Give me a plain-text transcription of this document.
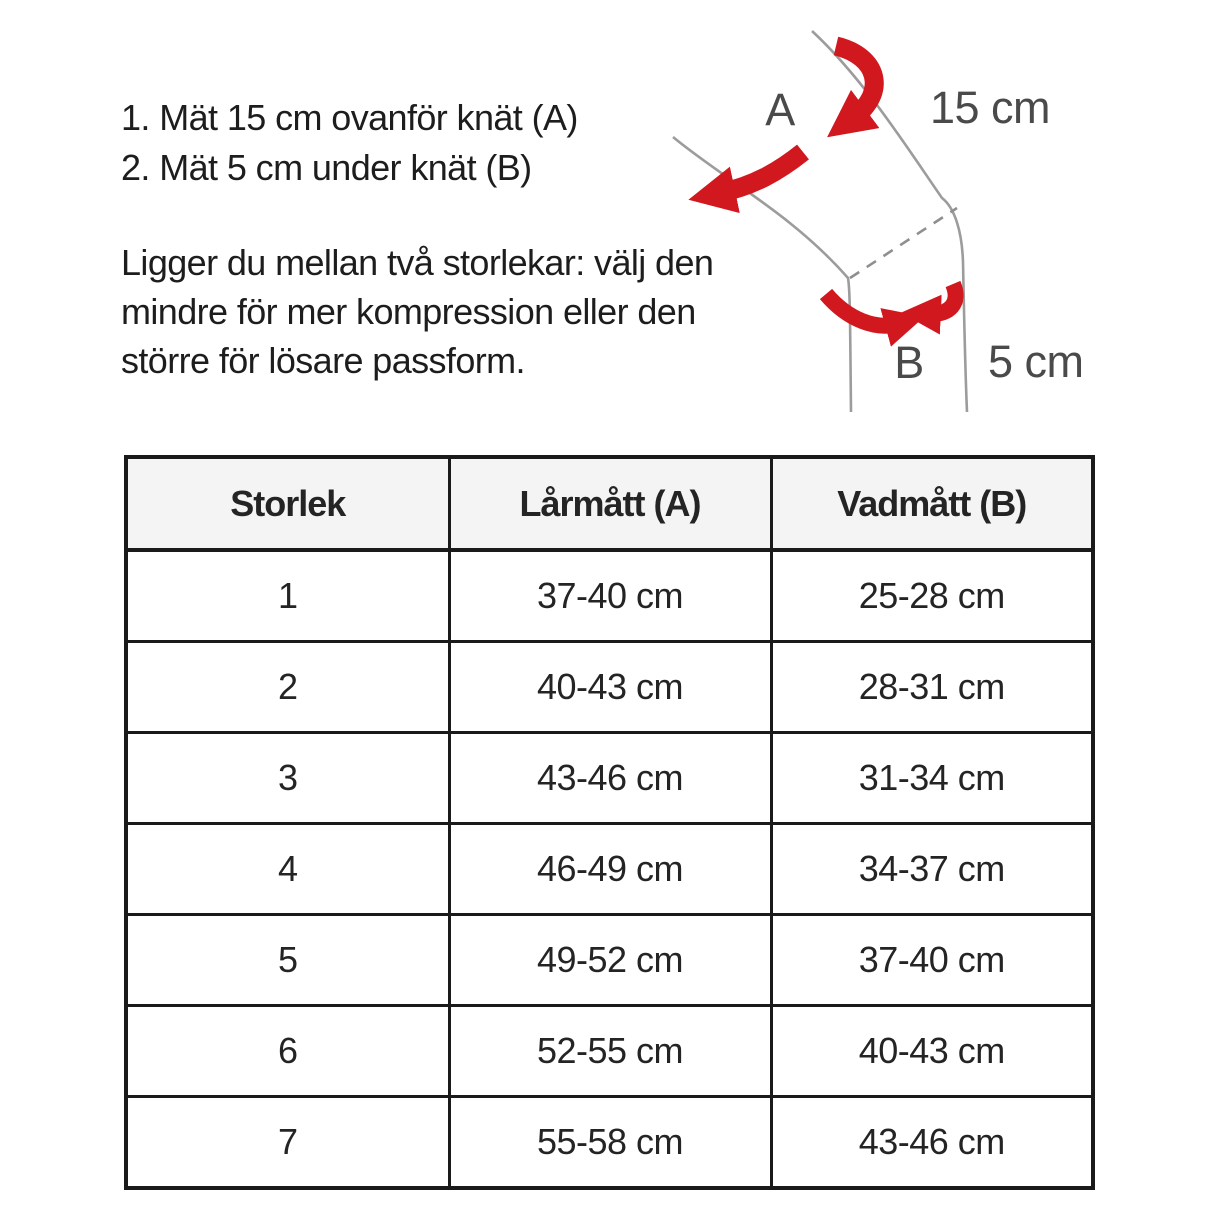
1. Mät 15 cm ovanför knät (A)
2. Mät 5 cm under knät (B)
Ligger du mellan två storlekar: välj den
mindre för mer kompression eller den
större för lösare passform.
A	15 cm
B 5 cm
Storlek	Lårmått (A)	Vadmått (B)
1	37-40 cm	25-28 cm
2	40-43 cm	28-31 cm
3	43-46 cm	31-34 cm
4	46-49 cm	34-37 cm
5	49-52 cm	37-40 cm
6	52-55 cm	40-43 cm
7	55-58 cm	43-46 cm
